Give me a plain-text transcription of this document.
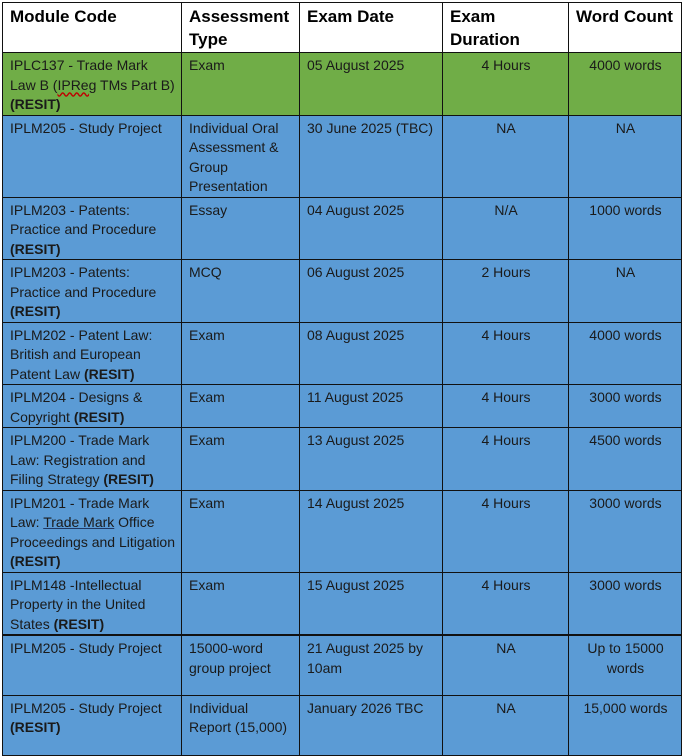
Module Code	Assessment Type	Exam Date	Exam Duration	Word Count
IPLC137 - Trade Mark Law B (IPReg TMs Part B) (RESIT)	Exam	05 August 2025	4 Hours	4000 words
IPLM205 - Study Project	Individual Oral Assessment & Group Presentation	30 June 2025 (TBC)	NA	NA
IPLM203 - Patents: Practice and Procedure (RESIT)	Essay	04 August 2025	N/A	1000 words
IPLM203 - Patents: Practice and Procedure (RESIT)	MCQ	06 August 2025	2 Hours	NA
IPLM202 - Patent Law: British and European Patent Law (RESIT)	Exam	08 August 2025	4 Hours	4000 words
IPLM204 - Designs & Copyright (RESIT)	Exam	11 August 2025	4 Hours	3000 words
IPLM200 - Trade Mark Law: Registration and Filing Strategy (RESIT)	Exam	13 August 2025	4 Hours	4500 words
IPLM201 - Trade Mark Law: Trade Mark Office Proceedings and Litigation (RESIT)	Exam	14 August 2025	4 Hours	3000 words
IPLM148 -Intellectual Property in the United States (RESIT)	Exam	15 August 2025	4 Hours	3000 words
IPLM205 - Study Project	15000-word group project	21 August 2025 by 10am	NA	Up to 15000 words
IPLM205 - Study Project (RESIT)	Individual Report (15,000)	January 2026 TBC	NA	15,000 words
